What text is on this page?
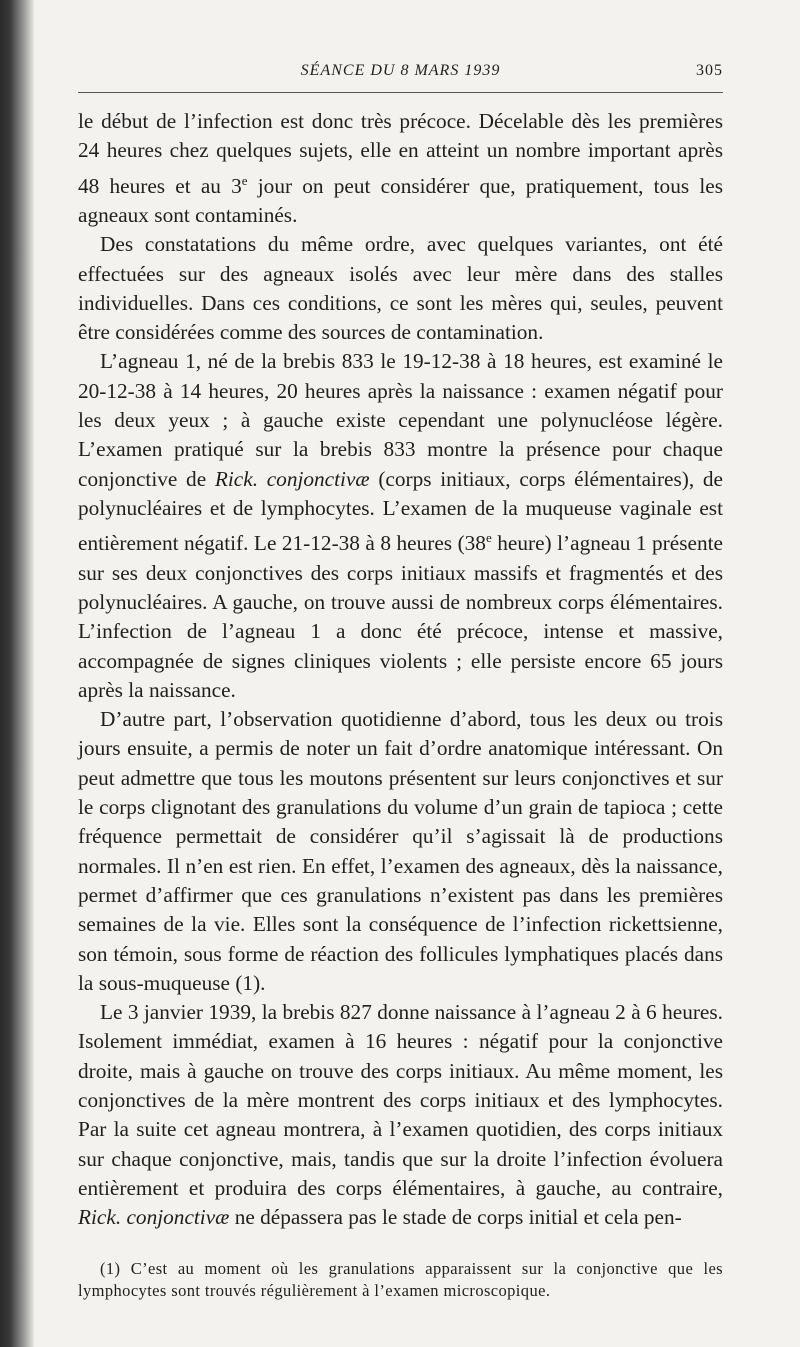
SÉANCE DU 8 MARS 1939	305

le début de l’infection est donc très précoce. Décelable dès les premières 24 heures chez quelques sujets, elle en atteint un nombre important après 48 heures et au 3e jour on peut considérer que, pratiquement, tous les agneaux sont contaminés.

Des constatations du même ordre, avec quelques variantes, ont été effectuées sur des agneaux isolés avec leur mère dans des stalles individuelles. Dans ces conditions, ce sont les mères qui, seules, peuvent être considérées comme des sources de contamination.

L’agneau 1, né de la brebis 833 le 19-12-38 à 18 heures, est examiné le 20-12-38 à 14 heures, 20 heures après la naissance : examen négatif pour les deux yeux ; à gauche existe cependant une polynucléose légère. L’examen pratiqué sur la brebis 833 montre la présence pour chaque conjonctive de Rick. conjonctivæ (corps initiaux, corps élémentaires), de polynucléaires et de lymphocytes. L’examen de la muqueuse vaginale est entièrement négatif. Le 21-12-38 à 8 heures (38e heure) l’agneau 1 présente sur ses deux conjonctives des corps initiaux massifs et fragmentés et des polynucléaires. A gauche, on trouve aussi de nombreux corps élémentaires. L’infection de l’agneau 1 a donc été précoce, intense et massive, accompagnée de signes cliniques violents ; elle persiste encore 65 jours après la naissance.

D’autre part, l’observation quotidienne d’abord, tous les deux ou trois jours ensuite, a permis de noter un fait d’ordre anatomique intéressant. On peut admettre que tous les moutons présentent sur leurs conjonctives et sur le corps clignotant des granulations du volume d’un grain de tapioca ; cette fréquence permettait de considérer qu’il s’agissait là de productions normales. Il n’en est rien. En effet, l’examen des agneaux, dès la naissance, permet d’affirmer que ces granulations n’existent pas dans les premières semaines de la vie. Elles sont la conséquence de l’infection rickettsienne, son témoin, sous forme de réaction des follicules lymphatiques placés dans la sous-muqueuse (1).

Le 3 janvier 1939, la brebis 827 donne naissance à l’agneau 2 à 6 heures. Isolement immédiat, examen à 16 heures : négatif pour la conjonctive droite, mais à gauche on trouve des corps initiaux. Au même moment, les conjonctives de la mère montrent des corps initiaux et des lymphocytes. Par la suite cet agneau montrera, à l’examen quotidien, des corps initiaux sur chaque conjonctive, mais, tandis que sur la droite l’infection évoluera entièrement et produira des corps élémentaires, à gauche, au contraire, Rick. conjonctivæ ne dépassera pas le stade de corps initial et cela pen-

(1) C’est au moment où les granulations apparaissent sur la conjonctive que les lymphocytes sont trouvés régulièrement à l’examen microscopique.
